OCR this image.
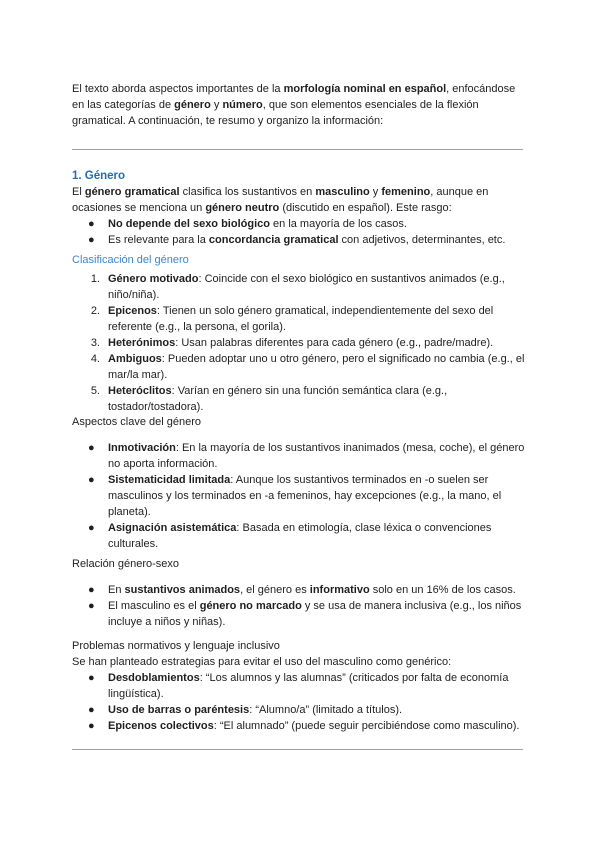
El texto aborda aspectos importantes de la morfología nominal en español, enfocándose en las categorías de género y número, que son elementos esenciales de la flexión gramatical. A continuación, te resumo y organizo la información:

1. Género

El género gramatical clasifica los sustantivos en masculino y femenino, aunque en ocasiones se menciona un género neutro (discutido en español). Este rasgo:

● No depende del sexo biológico en la mayoría de los casos.
● Es relevante para la concordancia gramatical con adjetivos, determinantes, etc.
Clasificación del género
1. Género motivado: Coincide con el sexo biológico en sustantivos animados (e.g., niño/niña).
2. Epicenos: Tienen un solo género gramatical, independientemente del sexo del referente (e.g., la persona, el gorila).
3. Heterónimos: Usan palabras diferentes para cada género (e.g., padre/madre).
4. Ambiguos: Pueden adoptar uno u otro género, pero el significado no cambia (e.g., el mar/la mar).
5. Heteróclitos: Varían en género sin una función semántica clara (e.g., tostador/tostadora).
Aspectos clave del género
● Inmotivación: En la mayoría de los sustantivos inanimados (mesa, coche), el género no aporta información.
● Sistematicidad limitada: Aunque los sustantivos terminados en -o suelen ser masculinos y los terminados en -a femeninos, hay excepciones (e.g., la mano, el planeta).
● Asignación asistemática: Basada en etimología, clase léxica o convenciones culturales.
Relación género-sexo
● En sustantivos animados, el género es informativo solo en un 16% de los casos.
● El masculino es el género no marcado y se usa de manera inclusiva (e.g., los niños incluye a niños y niñas).
Problemas normativos y lenguaje inclusivo

Se han planteado estrategias para evitar el uso del masculino como genérico:

● Desdoblamientos: “Los alumnos y las alumnas” (criticados por falta de economía lingüística).
● Uso de barras o paréntesis: “Alumno/a” (limitado a títulos).
● Epicenos colectivos: “El alumnado” (puede seguir percibiéndose como masculino).
